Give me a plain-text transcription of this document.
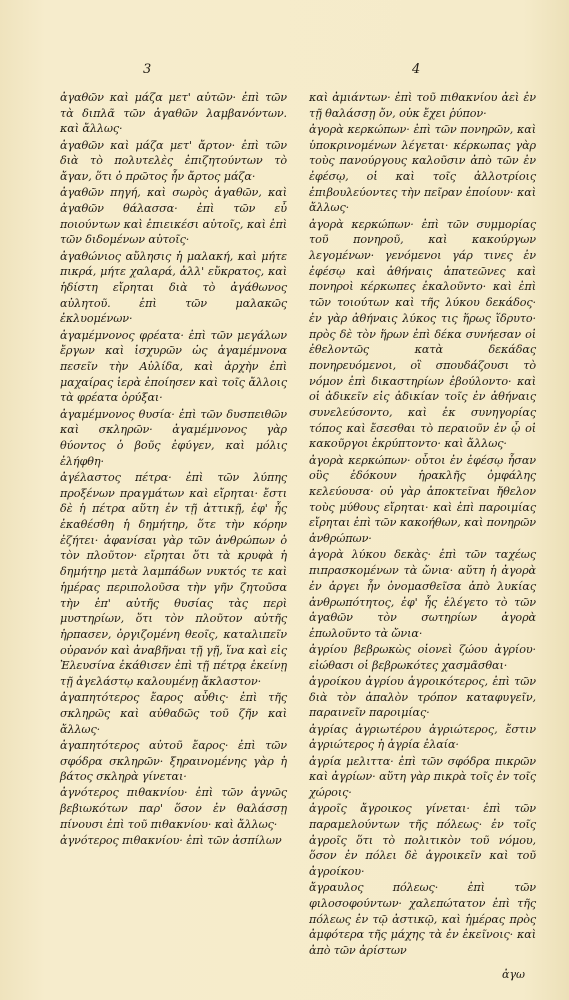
3	4

ἀγαθῶν καὶ μάζα μετ' αὐτῶν· ἐπὶ τῶν τὰ διπλᾶ τῶν ἀγαθῶν λαμβανόντων. καὶ ἄλλως·

ἀγαθῶν καὶ μάζα μετ' ἄρτον· ἐπὶ τῶν διὰ τὸ πολυτελὲς ἐπιζητούντων τὸ ἄγαν, ὅτι ὁ πρῶτος ἦν ἄρτος μάζα·

ἀγαθῶν πηγή, καὶ σωρὸς ἀγαθῶν, καὶ ἀγαθῶν θάλασσα· ἐπὶ τῶν εὖ ποιούντων καὶ ἐπιεικέσι αὐτοῖς, καὶ ἐπὶ τῶν διδομένων αὐτοῖς·

ἀγαθώνιος αὔλησις ἡ μαλακή, καὶ μήτε πικρά, μήτε χαλαρά, ἀλλ' εὔκρατος, καὶ ἡδίστη εἴρηται διὰ τὸ ἀγάθωνος αὐλητοῦ. ἐπὶ τῶν μαλακῶς ἐκλυομένων·

ἀγαμέμνονος φρέατα· ἐπὶ τῶν μεγάλων ἔργων καὶ ἰσχυρῶν ὡς ἀγαμέμνονα πεσεῖν τὴν Αὐλίδα, καὶ ἀρχὴν ἐπὶ μαχαίρας ἱερὰ ἐποίησεν καὶ τοῖς ἄλλοις τὰ φρέατα ὀρύξαι·

ἀγαμέμνονος θυσία· ἐπὶ τῶν δυσπειθῶν καὶ σκληρῶν· ἀγαμέμνονος γὰρ θύοντος ὁ βοῦς ἐφύγεν, καὶ μόλις ἐλήφθη·

ἀγέλαστος πέτρα· ἐπὶ τῶν λύπης προξένων πραγμάτων καὶ εἴρηται· ἔστι δὲ ἡ πέτρα αὕτη ἐν τῇ ἀττικῇ, ἐφ' ἧς ἐκαθέσθη ἡ δημήτηρ, ὅτε τὴν κόρην ἐζήτει· ἀφανίσαι γὰρ τῶν ἀνθρώπων ὁ τὸν πλοῦτον· εἴρηται ὅτι τὰ κρυφὰ ἡ δημήτηρ μετὰ λαμπάδων νυκτός τε καὶ ἡμέρας περιπολοῦσα τὴν γῆν ζητοῦσα τὴν ἐπ' αὐτῆς θυσίας τὰς περὶ μυστηρίων, ὅτι τὸν πλοῦτον αὐτῆς ἠρπασεν, ὀργιζομένη θεοῖς, καταλιπεῖν οὐρανόν καὶ ἀναβῆναι τῇ γῇ, ἵνα καὶ εἰς Ἐλευσίνα ἐκάθισεν ἐπὶ τῇ πέτρᾳ ἐκείνῃ τῇ ἀγελάστῳ καλουμένῃ ἄκλαστον·

ἀγαπητότερος ἔαρος αὖθις· ἐπὶ τῆς σκληρῶς καὶ αὐθαδῶς τοῦ ζῆν καὶ ἄλλως·

ἀγαπητότερος αὐτοῦ ἔαρος· ἐπὶ τῶν σφόδρα σκληρῶν· ξηραινομένης γὰρ ἡ βάτος σκληρὰ γίνεται·

ἀγνότερος πιθακνίου· ἐπὶ τῶν ἀγνῶς βεβιωκότων παρ' ὅσον ἐν θαλάσσῃ πίνουσι ἐπὶ τοῦ πιθακνίου· καὶ ἄλλως·

ἀγνότερος πιθακνίου· ἐπὶ τῶν ἀσπίλων

καὶ ἀμιάντων· ἐπὶ τοῦ πιθακνίου ἀεὶ ἐν τῇ θαλάσσῃ ὄν, οὐκ ἔχει ῥύπον·

ἀγορὰ κερκώπων· ἐπὶ τῶν πονηρῶν, καὶ ὑποκρινομένων λέγεται· κέρκωπας γὰρ τοὺς πανούργους καλοῦσιν ἀπὸ τῶν ἐν ἐφέσῳ, οἱ καὶ τοῖς ἀλλοτρίοις ἐπιβουλεύοντες τὴν πεῖραν ἐποίουν· καὶ ἄλλως·

ἀγορὰ κερκώπων· ἐπὶ τῶν συμμορίας τοῦ πονηροῦ, καὶ κακούργων λεγομένων· γενόμενοι γάρ τινες ἐν ἐφέσῳ καὶ ἀθήναις ἀπατεῶνες καὶ πονηροὶ κέρκωπες ἐκαλοῦντο· καὶ ἐπὶ τῶν τοιούτων καὶ τῆς λύκου δεκάδος· ἐν γὰρ ἀθήναις λύκος τις ἥρως ἵδρυτο· πρὸς δὲ τὸν ἥρων ἐπὶ δέκα συνήεσαν οἱ ἐθελοντῶς κατὰ δεκάδας πονηρευόμενοι, οἳ σπουδάζουσι τὸ νόμον ἐπὶ δικαστηρίων ἐβούλοντο· καὶ οἱ ἀδικεῖν εἰς ἀδικίαν τοῖς ἐν ἀθήναις συνελεύσοντο, καὶ ἐκ συνηγορίας τόπος καὶ ἔσεσθαι τὸ περαιοῦν ἐν ᾧ οἱ κακοῦργοι ἐκρύπτοντο· καὶ ἄλλως·

ἀγορὰ κερκώπων· οὗτοι ἐν ἐφέσῳ ἦσαν οὓς ἐδόκουν ἡρακλῆς ὀμφάλης κελεύουσα· οὐ γὰρ ἀποκτεῖναι ἤθελον τοὺς μύθους εἴρηται· καὶ ἐπὶ παροιμίας εἴρηται ἐπὶ τῶν κακοήθων, καὶ πονηρῶν ἀνθρώπων·

ἀγορὰ λύκου δεκὰς· ἐπὶ τῶν ταχέως πιπρασκομένων τὰ ὤνια· αὕτη ἡ ἀγορὰ ἐν ἀργει ἦν ὀνομασθεῖσα ἀπὸ λυκίας ἀνθρωπότητος, ἐφ' ἧς ἐλέγετο τὸ τῶν ἀγαθῶν τὸν σωτηρίων ἀγορὰ ἐπωλοῦντο τὰ ὤνια·

ἀγρίου βεβρωκὼς οἱονεὶ ζώου ἀγρίου· εἰώθασι οἱ βεβρωκότες χασμᾶσθαι·

ἀγροίκου ἀγρίου ἀγροικότερος, ἐπὶ τῶν διὰ τὸν ἀπαλὸν τρόπον καταφυγεῖν, παραινεῖν παροιμίας·

ἀγρίας ἀγριωτέρου ἀγριώτερος, ἔστιν ἀγριώτερος ἡ ἀγρία ἐλαία·

ἀγρία μελιττα· ἐπὶ τῶν σφόδρα πικρῶν καὶ ἀγρίων· αὕτη γὰρ πικρὰ τοῖς ἐν τοῖς χώροις·

ἀγροῖς ἄγροικος γίνεται· ἐπὶ τῶν παραμελούντων τῆς πόλεως· ἐν τοῖς ἀγροῖς ὅτι τὸ πολιτικὸν τοῦ νόμου, ὅσον ἐν πόλει δὲ ἀγροικεῖν καὶ τοῦ ἀγροίκου·

ἄγραυλος πόλεως· ἐπὶ τῶν φιλοσοφούντων· χαλεπώτατον ἐπὶ τῆς πόλεως ἐν τῷ ἀστικῷ, καὶ ἡμέρας πρὸς ἀμφότερα τῆς μάχης τὰ ἐν ἐκεῖνοις· καὶ ἀπὸ τῶν ἀρίστων

ἀγω
